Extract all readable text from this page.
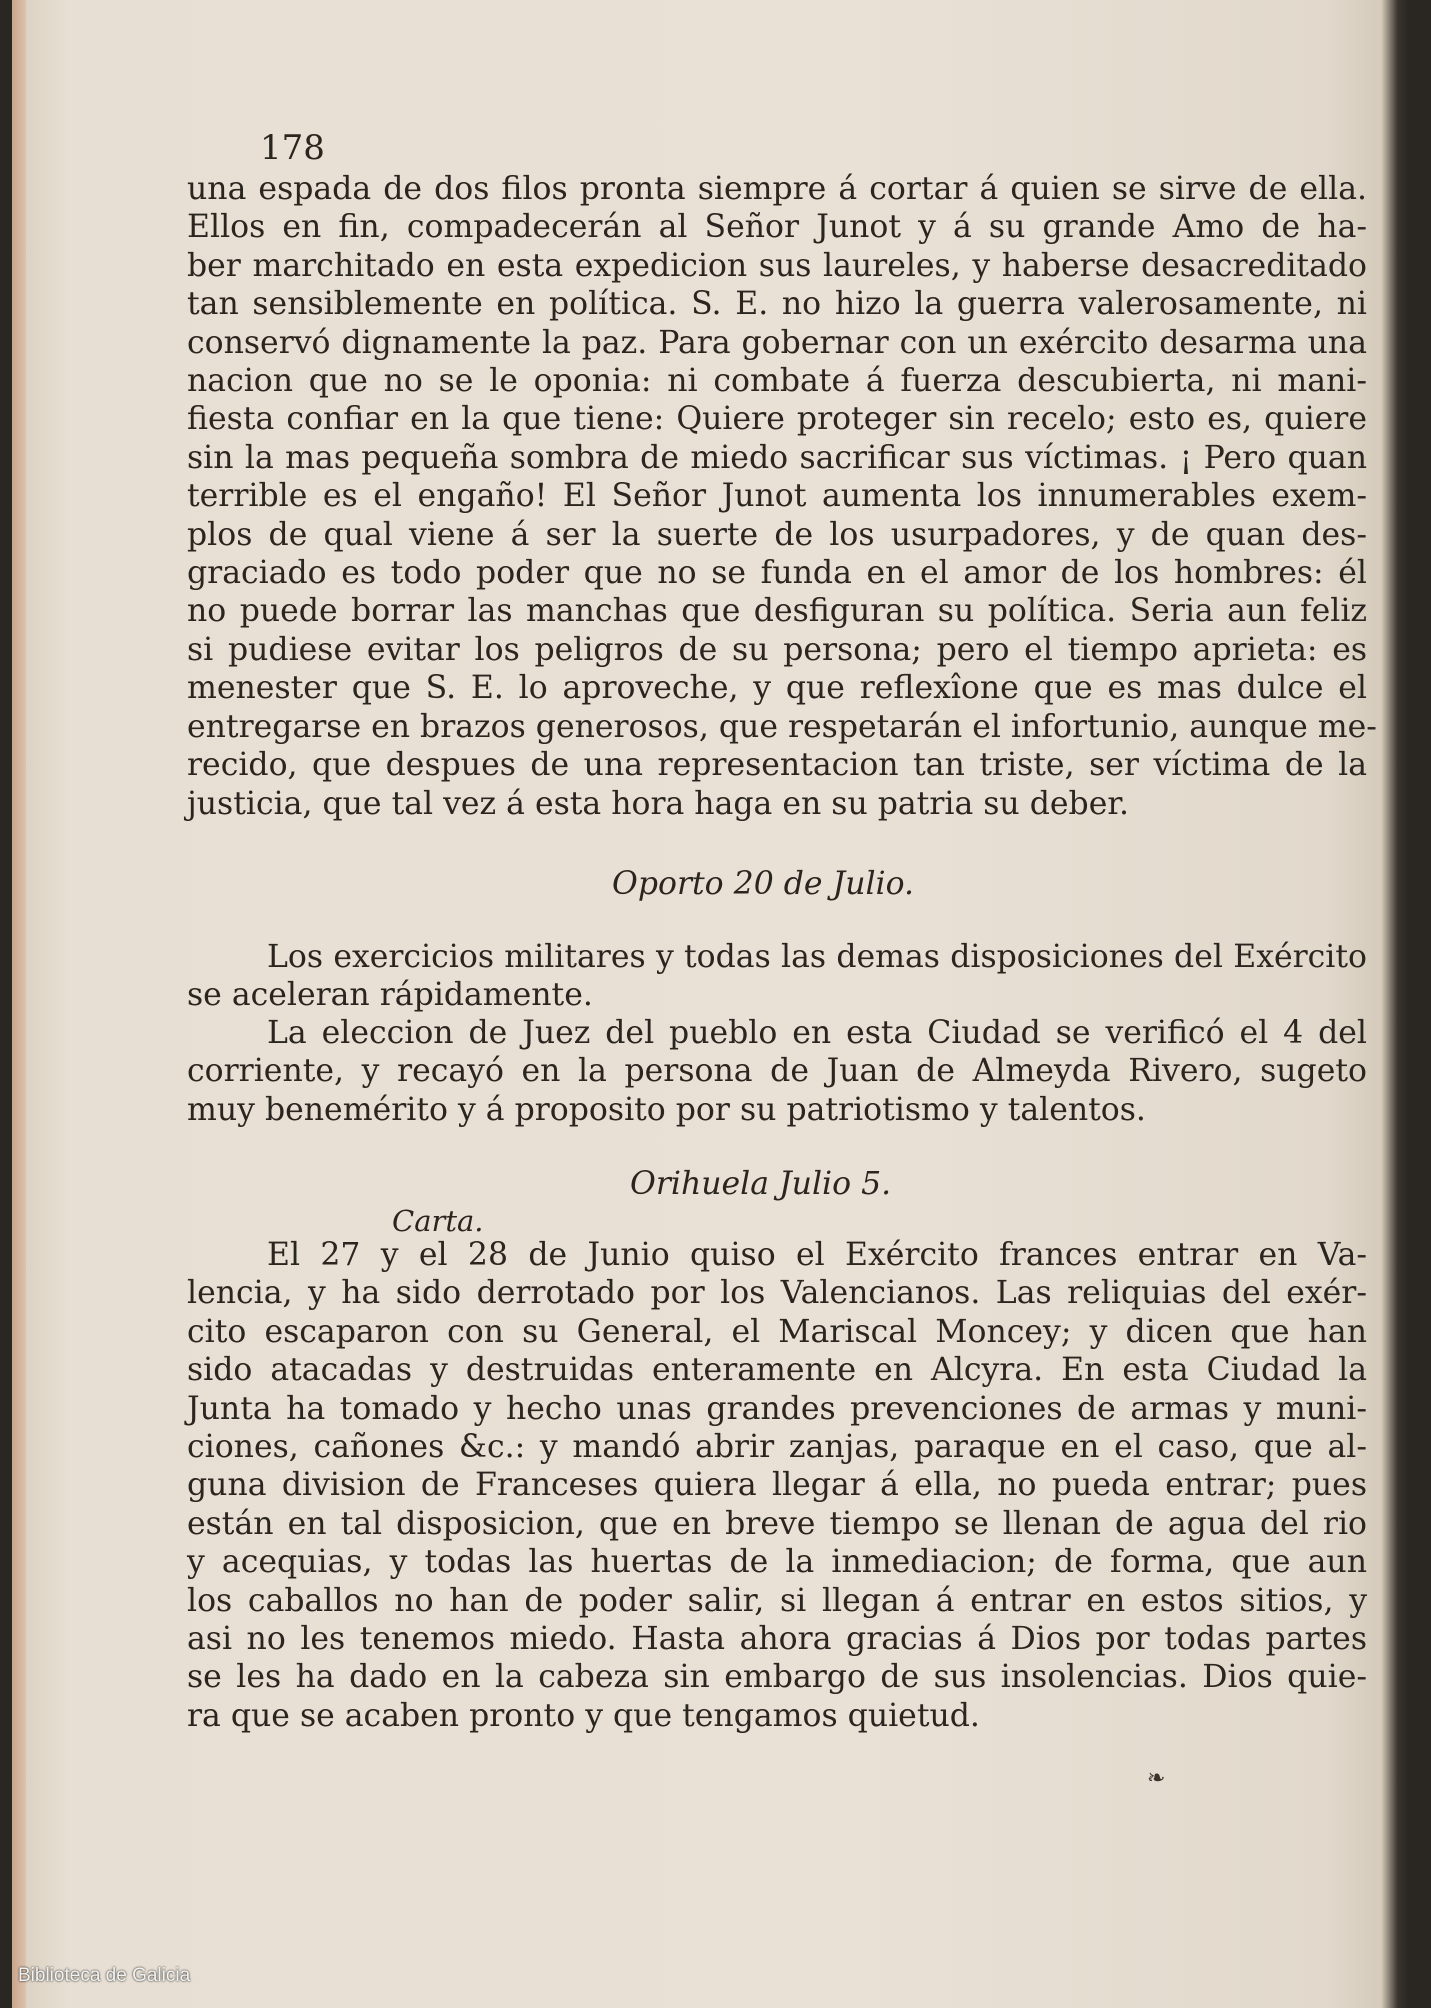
178
una espada de dos filos pronta siempre á cortar á quien se sirve de ella.
Ellos en fin, compadecerán al Señor Junot y á su grande Amo de ha-
ber marchitado en esta expedicion sus laureles, y haberse desacreditado
tan sensiblemente en política. S. E. no hizo la guerra valerosamente, ni
conservó dignamente la paz. Para gobernar con un exército desarma una
nacion que no se le oponia: ni combate á fuerza descubierta, ni mani-
fiesta confiar en la que tiene: Quiere proteger sin recelo; esto es, quiere
sin la mas pequeña sombra de miedo sacrificar sus víctimas. ¡ Pero quan
terrible es el engaño! El Señor Junot aumenta los innumerables exem-
plos de qual viene á ser la suerte de los usurpadores, y de quan des-
graciado es todo poder que no se funda en el amor de los hombres: él
no puede borrar las manchas que desfiguran su política. Seria aun feliz
si pudiese evitar los peligros de su persona; pero el tiempo aprieta: es
menester que S. E. lo aproveche, y que reflexîone que es mas dulce el
entregarse en brazos generosos, que respetarán el infortunio, aunque me-
recido, que despues de una representacion tan triste, ser víctima de la
justicia, que tal vez á esta hora haga en su patria su deber.
Oporto 20 de Julio.
Los exercicios militares y todas las demas disposiciones del Exército
se aceleran rápidamente.
La eleccion de Juez del pueblo en esta Ciudad se verificó el 4 del
corriente, y recayó en la persona de Juan de Almeyda Rivero, sugeto
muy benemérito y á proposito por su patriotismo y talentos.
Orihuela Julio 5.
Carta.
El 27 y el 28 de Junio quiso el Exército frances entrar en Va-
lencia, y ha sido derrotado por los Valencianos. Las reliquias del exér-
cito escaparon con su General, el Mariscal Moncey; y dicen que han
sido atacadas y destruidas enteramente en Alcyra. En esta Ciudad la
Junta ha tomado y hecho unas grandes prevenciones de armas y muni-
ciones, cañones &c.: y mandó abrir zanjas, paraque en el caso, que al-
guna division de Franceses quiera llegar á ella, no pueda entrar; pues
están en tal disposicion, que en breve tiempo se llenan de agua del rio
y acequias, y todas las huertas de la inmediacion; de forma, que aun
los caballos no han de poder salir, si llegan á entrar en estos sitios, y
asi no les tenemos miedo. Hasta ahora gracias á Dios por todas partes
se les ha dado en la cabeza sin embargo de sus insolencias. Dios quie-
ra que se acaben pronto y que tengamos quietud.
❧
Biblioteca de Galicia
